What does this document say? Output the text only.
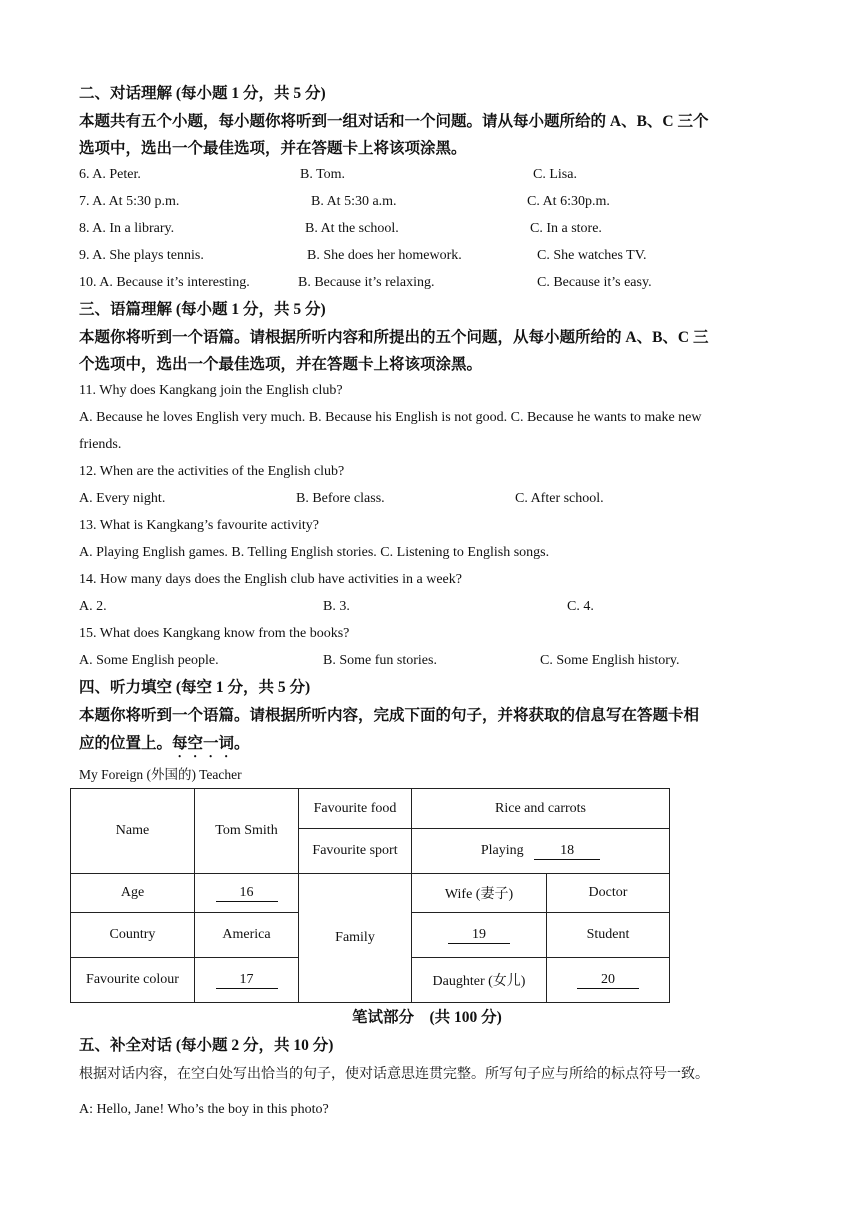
二、对话理解 (每小题 1 分，共 5 分)
本题共有五个小题，每小题你将听到一组对话和一个问题。请从每小题所给的 A、B、C 三个
选项中，选出一个最佳选项，并在答题卡上将该项涂黑。
6. A. Peter.	B. Tom.	C. Lisa.
7. A. At 5:30 p.m.	B. At 5:30 a.m.	C. At 6:30p.m.
8. A. In a library.	B. At the school.	C. In a store.
9. A. She plays tennis.	B. She does her homework.	C. She watches TV.
10. A. Because it’s interesting.	B. Because it’s relaxing.	C. Because it’s easy.
三、语篇理解 (每小题 1 分，共 5 分)
本题你将听到一个语篇。请根据所听内容和所提出的五个问题，从每小题所给的 A、B、C 三
个选项中，选出一个最佳选项，并在答题卡上将该项涂黑。
11. Why does Kangkang join the English club?
A. Because he loves English very much. B. Because his English is not good. C. Because he wants to make new
friends.
12. When are the activities of the English club?
A. Every night.	B. Before class.	C. After school.
13. What is Kangkang’s favourite activity?
A. Playing English games. B. Telling English stories. C. Listening to English songs.
14. How many days does the English club have activities in a week?
A. 2.	B. 3.	C. 4.
15. What does Kangkang know from the books?
A. Some English people.	B. Some fun stories.	C. Some English history.
四、听力填空 (每空 1 分，共 5 分)
本题你将听到一个语篇。请根据所听内容，完成下面的句子，并将获取的信息写在答题卡相
应的位置上。每空一词。
My Foreign (外国的) Teacher
Name	Tom Smith	Favourite food	Rice and carrots	
		Favourite sport	Playing 18	
Age	16	Family	Wife (妻子)	Doctor
Country	America		19	Student
Favourite colour	17		Daughter (女儿)	20
笔试部分　(共 100 分)
五、补全对话 (每小题 2 分，共 10 分)
根据对话内容，在空白处写出恰当的句子，使对话意思连贯完整。所写句子应与所给的标点符号一致。
A: Hello, Jane! Who’s the boy in this photo?
